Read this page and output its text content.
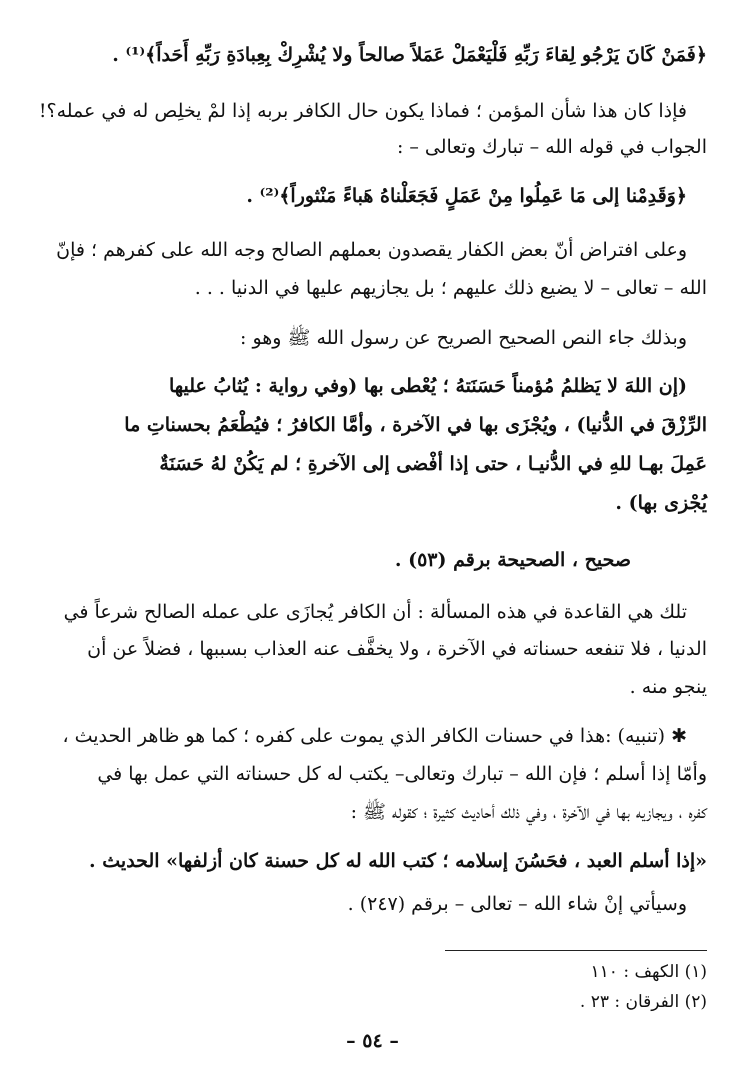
﴿فَمَنْ كَانَ يَرْجُو لِقاءَ رَبِّهِ فَلْيَعْمَلْ عَمَلاً صالحاً ولا يُشْرِكْ بِعِبادَةِ رَبِّهِ أَحَداً﴾⁽¹⁾ .
فإذا كان هذا شأن المؤمن ؛ فماذا يكون حال الكافر بربه إذا لمْ يخلِص له في عمله؟!
الجواب في قوله الله – تبارك وتعالى – :
﴿وَقَدِمْنا إلى مَا عَمِلُوا مِنْ عَمَلٍ فَجَعَلْناهُ هَباءً مَنْثوراً﴾⁽²⁾ .
وعلى افتراض أنّ بعض الكفار يقصدون بعملهم الصالح وجه الله على كفرهم ؛ فإنّ
الله – تعالى – لا يضيع ذلك عليهم ؛ بل يجازيهم عليها في الدنيا . . .
وبذلك جاء النص الصحيح الصريح عن رسول الله ﷺ وهو :
(إن اللهَ لا يَظلمُ مُؤمناً حَسَنَتهُ ؛ يُعْطى بها (وفي رواية : يُثابُ عليها
الرِّزْقَ في الدُّنيا) ، ويُجْزَى بها في الآخرة ، وأمَّا الكافرُ ؛ فيُطْعَمُ بحسناتِ ما
عَمِلَ بهـا للهِ في الدُّنيـا ، حتى إذا أفْضى إلى الآخرةِ ؛ لم يَكُنْ لهُ حَسَنَةٌ
يُجْزى بها) .
صحيح ، الصحيحة برقم (٥٣) .
تلك هي القاعدة في هذه المسألة : أن الكافر يُجازَى على عمله الصالح شرعاً في
الدنيا ، فلا تنفعه حسناته في الآخرة ، ولا يخفَّف عنه العذاب بسببها ، فضلاً عن أن
ينجو منه .
✱ (تنبيه) :هذا في حسنات الكافر الذي يموت على كفره ؛ كما هو ظاهر الحديث ،
وأمّا إذا أسلم ؛ فإن الله – تبارك وتعالى– يكتب له كل حسناته التي عمل بها في
كفره ، ويجازيه بها في الآخرة ، وفي ذلك أحاديث كثيرة ؛ كقوله ﷺ :
«إذا أسلم العبد ، فحَسُنَ إسلامه ؛ كتب الله له كل حسنة كان أزلفها» الحديث .
وسيأتي إنْ شاء الله – تعالى – برقم (٢٤٧) .
(١) الكهف : ١١٠
(٢) الفرقان : ٢٣ .
– ٥٤ –
